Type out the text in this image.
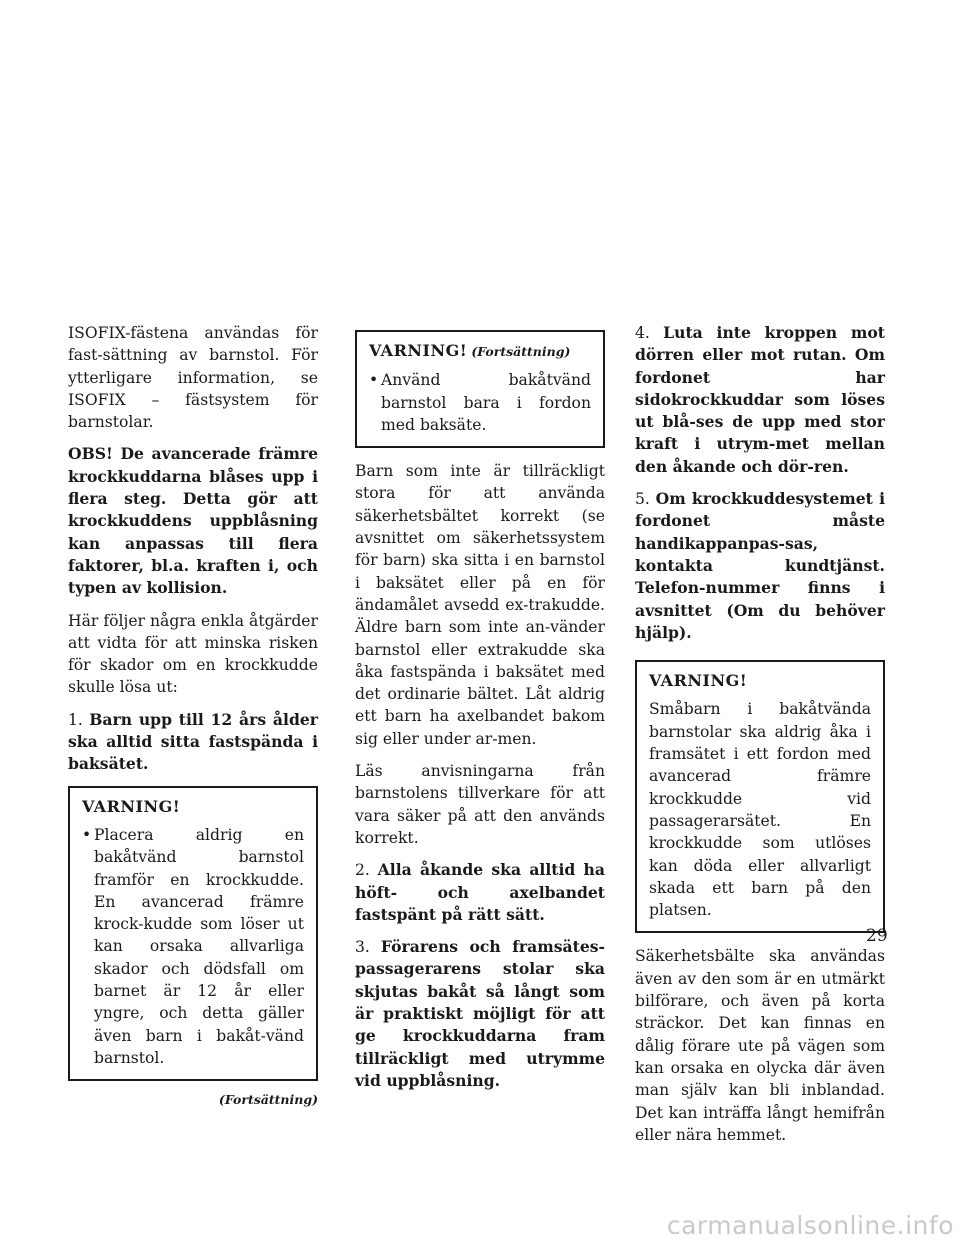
ISOFIX-fästena användas för fast-sättning av barnstol. För ytterligare information, se ISOFIX – fästsystem för barnstolar.

OBS! De avancerade främre krockkuddarna blåses upp i flera steg. Detta gör att krockkuddens uppblåsning kan anpassas till flera faktorer, bl.a. kraften i, och typen av kollision.

Här följer några enkla åtgärder att vidta för att minska risken för skador om en krockkudde skulle lösa ut:

1. Barn upp till 12 års ålder ska alltid sitta fastspända i baksätet.

VARNING!
• Placera aldrig en bakåtvänd barnstol framför en krockkudde. En avancerad främre krock-kudde som löser ut kan orsaka allvarliga skador och dödsfall om barnet är 12 år eller yngre, och detta gäller även barn i bakåt-vänd barnstol.
(Fortsättning)
VARNING! (Fortsättning)
• Använd bakåtvänd barnstol bara i fordon med baksäte.

Barn som inte är tillräckligt stora för att använda säkerhetsbältet korrekt (se avsnittet om säkerhetssystem för barn) ska sitta i en barnstol i baksätet eller på en för ändamålet avsedd ex-trakudde. Äldre barn som inte an-vänder barnstol eller extrakudde ska åka fastspända i baksätet med det ordinarie bältet. Låt aldrig ett barn ha axelbandet bakom sig eller under ar-men.

Läs anvisningarna från barnstolens tillverkare för att vara säker på att den används korrekt.

2. Alla åkande ska alltid ha höft- och axelbandet fastspänt på rätt sätt.

3. Förarens och framsätes-passagerarens stolar ska skjutas bakåt så långt som är praktiskt möjligt för att ge krockkuddarna fram tillräckligt med utrymme vid uppblåsning.

4. Luta inte kroppen mot dörren eller mot rutan. Om fordonet har sidokrockkuddar som löses ut blå-ses de upp med stor kraft i utrym-met mellan den åkande och dör-ren.

5. Om krockkuddesystemet i fordonet måste handikappanpas-sas, kontakta kundtjänst. Telefon-nummer finns i avsnittet (Om du behöver hjälp).

VARNING!

Småbarn i bakåtvända barnstolar ska aldrig åka i framsätet i ett fordon med avancerad främre krockkudde vid passagerarsätet. En krockkudde som utlöses kan döda eller allvarligt skada ett barn på den platsen.

Säkerhetsbälte ska användas även av den som är en utmärkt bilförare, och även på korta sträckor. Det kan finnas en dålig förare ute på vägen som kan orsaka en olycka där även man själv kan bli inblandad. Det kan inträffa långt hemifrån eller nära hemmet.

29
carmanualsonline.info
